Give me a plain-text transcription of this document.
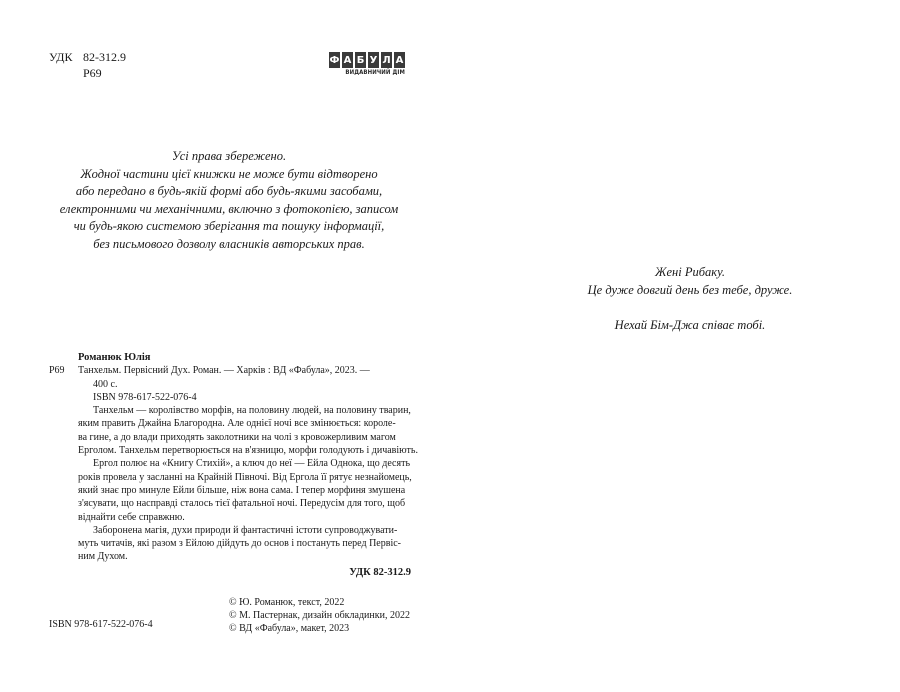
УДК 82-312.9
Р69
Ф А Б У Л А
ВИДАВНИЧИЙ ДІМ
Усі права збережено.
Жодної частини цієї книжки не може бути відтворено
або передано в будь-якій формі або будь-якими засобами,
електронними чи механічними, включно з фотокопією, записом
чи будь-якою системою зберігання та пошуку інформації,
без письмового дозволу власників авторських прав.
Жені Рибаку.
Це дуже довгий день без тебе, друже.
Нехай Бім-Джа співає тобі.
Романюк Юлія
Р69 Танхельм. Первісний Дух. Роман. — Харків : ВД «Фабула», 2023. —
400 с.
ISBN 978-617-522-076-4
Танхельм — королівство морфів, на половину людей, на половину тварин,
яким править Джайна Благородна. Але однієї ночі все змінюється: короле-
ва гине, а до влади приходять заколотники на чолі з кровожерливим магом
Ерголом. Танхельм перетворюється на в'язницю, морфи голодують і дичавіють.
Ергол полює на «Книгу Стихій», а ключ до неї — Ейла Однока, що десять
років провела у засланні на Крайній Півночі. Від Ергола її рятує незнайомець,
який знає про минуле Ейли більше, ніж вона сама. І тепер морфиня змушена
з'ясувати, що насправді сталось тієї фатальної ночі. Передусім для того, щоб
віднайти себе справжню.
Заборонена магія, духи природи й фантастичні істоти супроводжувати-
муть читачів, які разом з Ейлою дійдуть до основ і постануть перед Первіс-
ним Духом.
УДК 82-312.9
ISBN 978-617-522-076-4
© Ю. Романюк, текст, 2022
© М. Пастернак, дизайн обкладинки, 2022
© ВД «Фабула», макет, 2023
